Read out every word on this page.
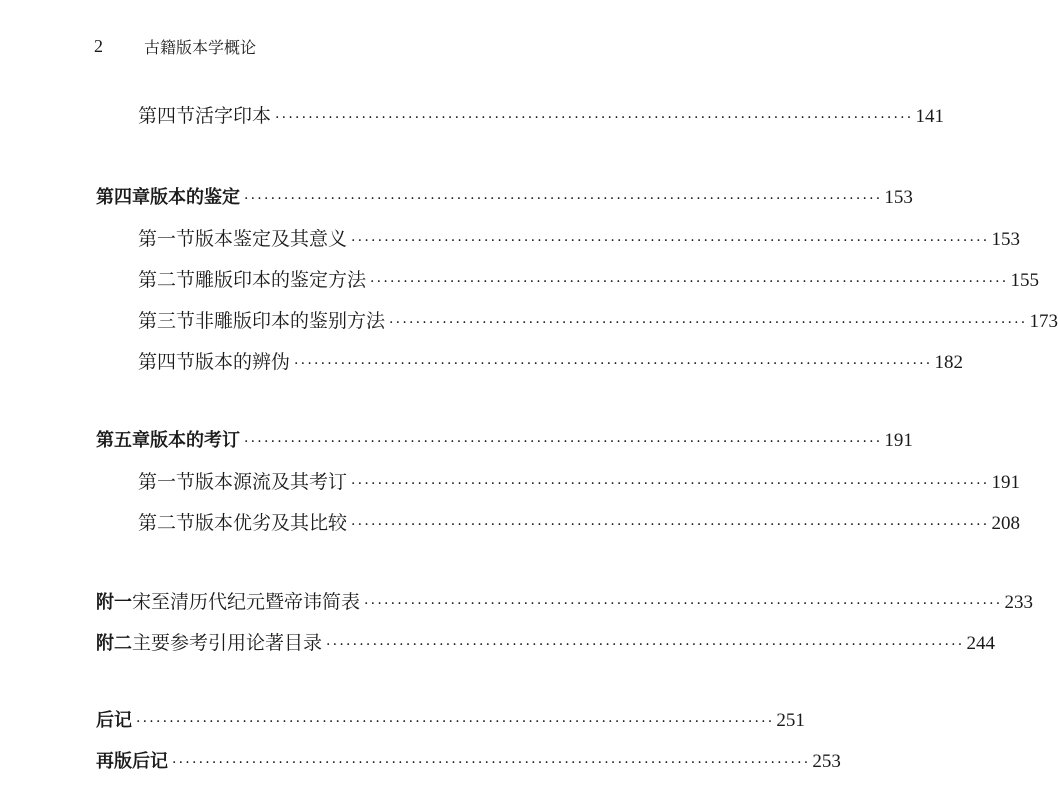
2	古籍版本学概论
第四节 活字印本 ································································································ 141
第四章 版本的鉴定 ································································································ 153
第一节 版本鉴定及其意义 ································································································ 153
第二节 雕版印本的鉴定方法 ································································································ 155
第三节 非雕版印本的鉴别方法 ································································································ 173
第四节 版本的辨伪 ································································································ 182
第五章 版本的考订 ································································································ 191
第一节 版本源流及其考订 ································································································ 191
第二节 版本优劣及其比较 ································································································ 208
附一 宋至清历代纪元暨帝讳简表 ································································································ 233
附二 主要参考引用论著目录 ································································································ 244
后记 ································································································ 251
再版后记 ································································································ 253
